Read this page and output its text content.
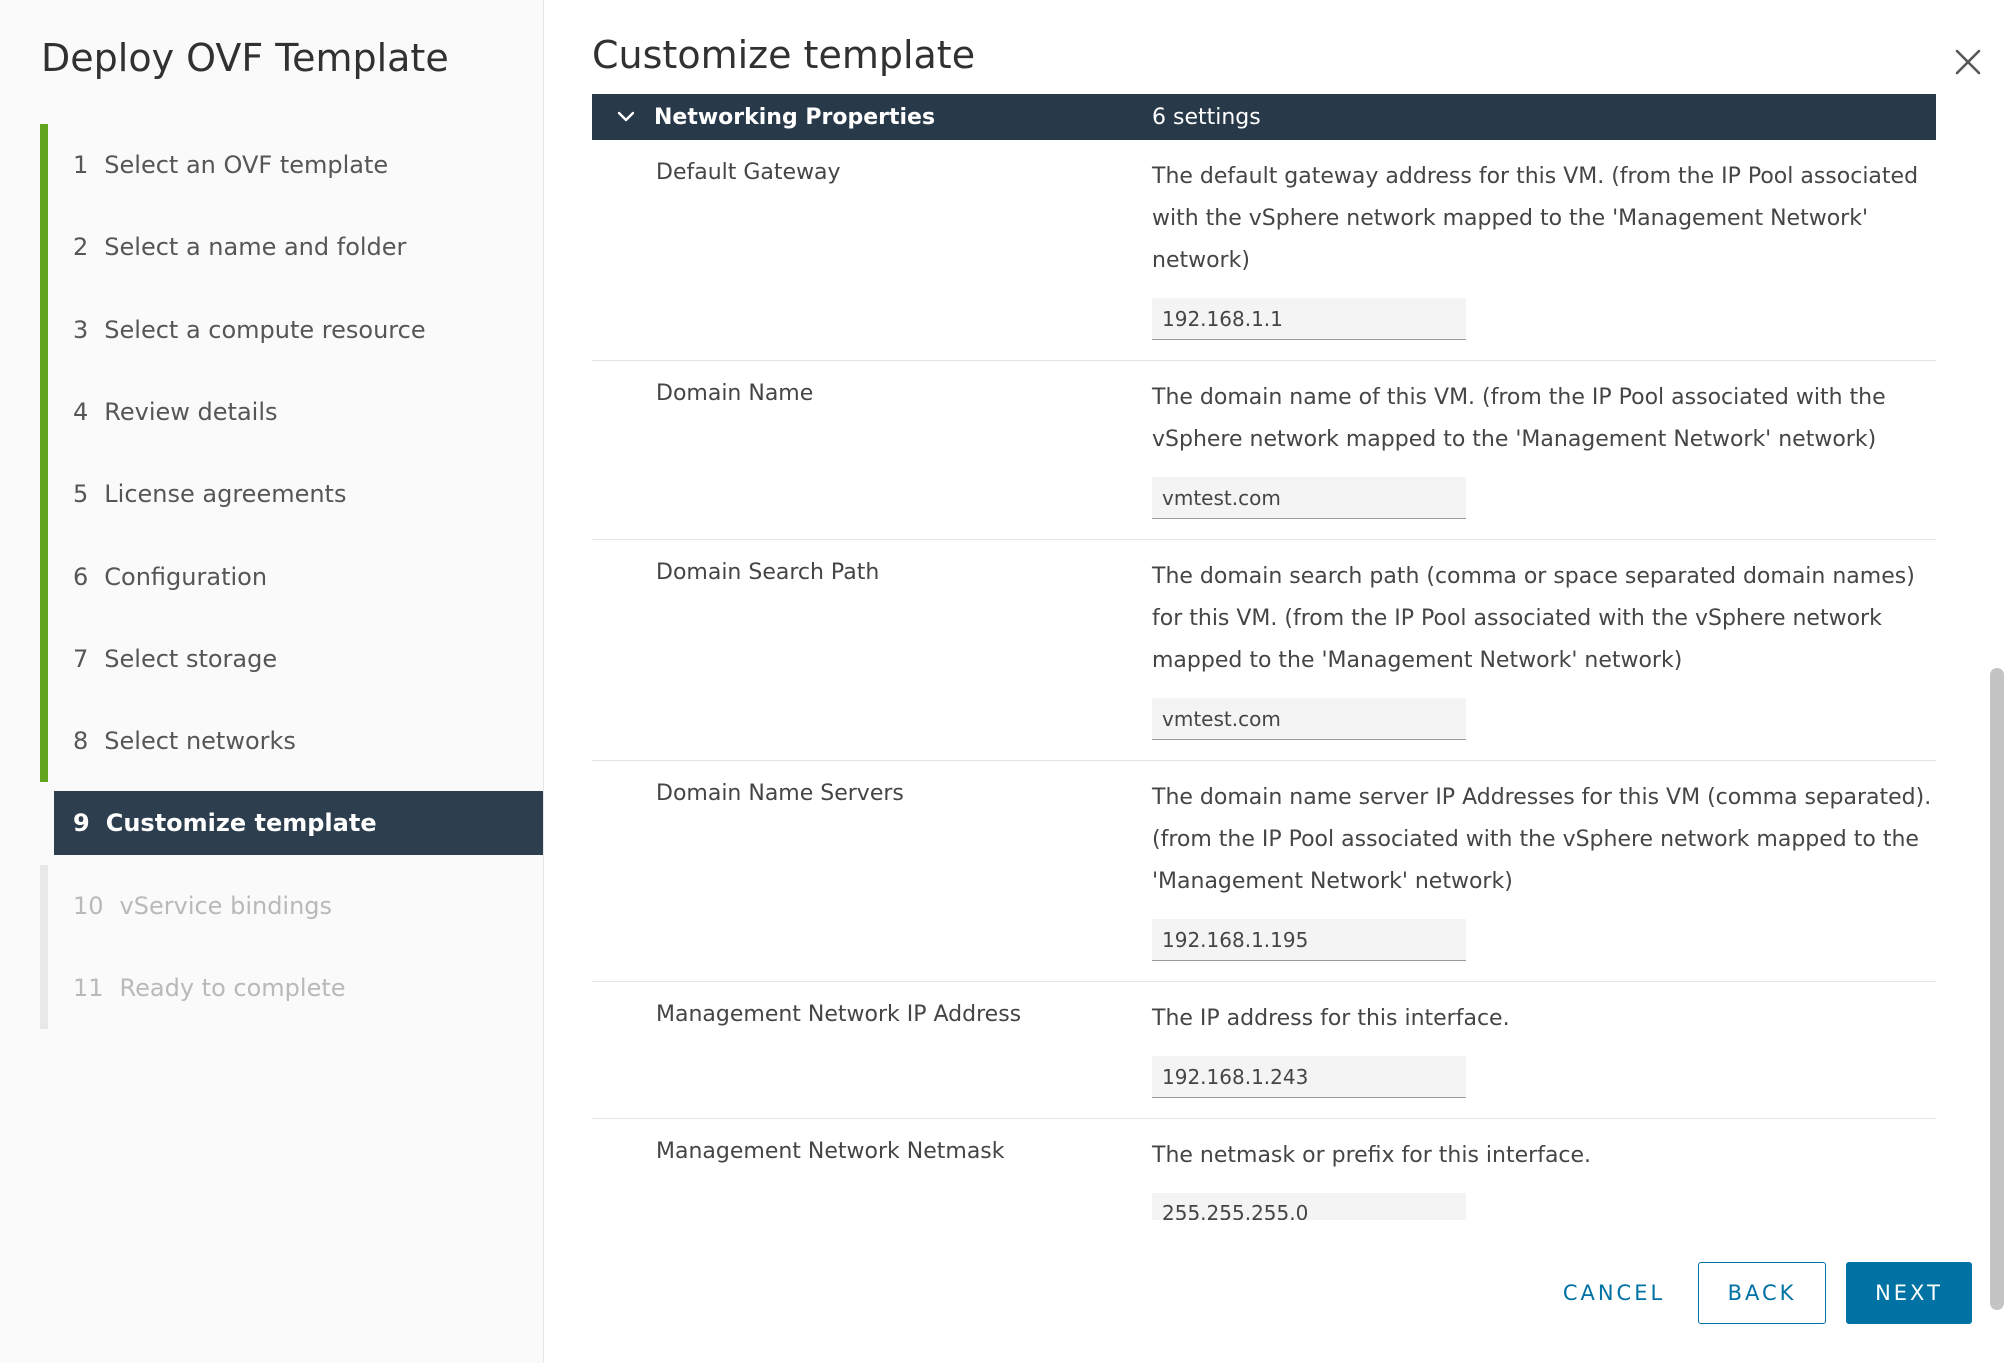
Deploy OVF Template
1 Select an OVF template
2 Select a name and folder
3 Select a compute resource
4 Review details
5 License agreements
6 Configuration
7 Select storage
8 Select networks
9 Customize template
10 vService bindings
11 Ready to complete
Customize template
Networking Properties	6 settings
Default Gateway	The default gateway address for this VM. (from the IP Pool associated with the vSphere network mapped to the 'Management Network' network)

192.168.1.1
Domain Name	The domain name of this VM. (from the IP Pool associated with the vSphere network mapped to the 'Management Network' network)

vmtest.com
Domain Search Path	The domain search path (comma or space separated domain names) for this VM. (from the IP Pool associated with the vSphere network mapped to the 'Management Network' network)

vmtest.com
Domain Name Servers	The domain name server IP Addresses for this VM (comma separated). (from the IP Pool associated with the vSphere network mapped to the 'Management Network' network)

192.168.1.195
Management Network IP Address	The IP address for this interface.

192.168.1.243
Management Network Netmask	The netmask or prefix for this interface.

255.255.255.0
CANCEL	BACK	NEXT
